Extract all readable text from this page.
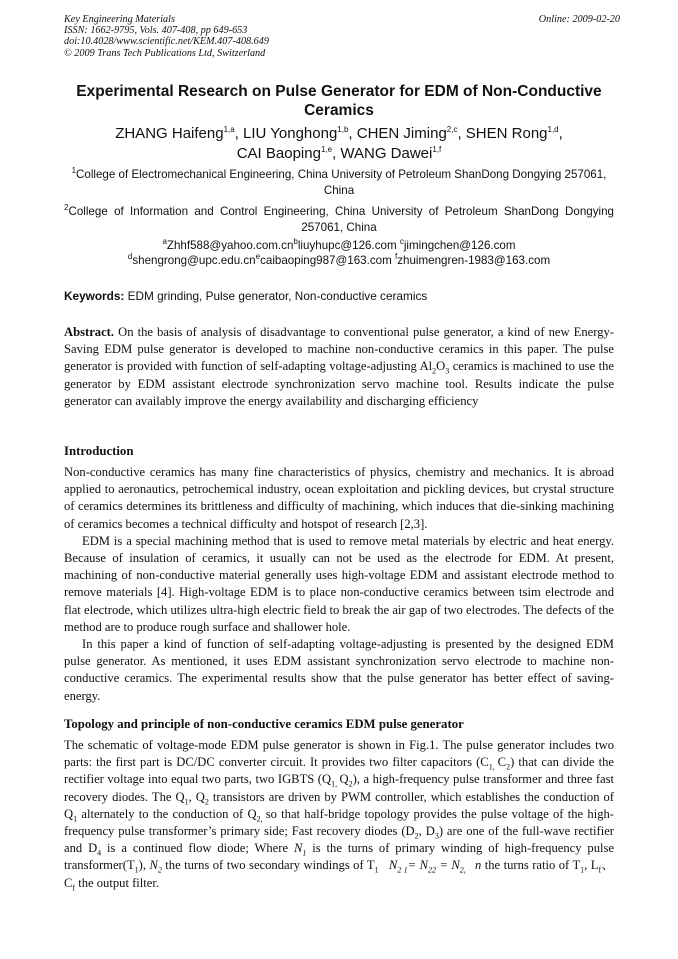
Key Engineering Materials
ISSN: 1662-9795, Vols. 407-408, pp 649-653
doi:10.4028/www.scientific.net/KEM.407-408.649
© 2009 Trans Tech Publications Ltd, Switzerland
Online: 2009-02-20
Experimental Research on Pulse Generator for EDM of Non-Conductive Ceramics
ZHANG Haifeng$^{1,a}$, LIU Yonghong$^{1,b}$, CHEN Jiming$^{2,c}$, SHEN Rong$^{1,d}$,
CAI Baoping$^{1,e}$, WANG Dawei$^{1,f}$
$^1$College of Electromechanical Engineering, China University of Petroleum ShanDong Dongying 257061, China
$^2$College of Information and Control Engineering, China University of Petroleum ShanDong Dongying 257061, China
$^aZhhf588@yahoo.com.cn^bliuyhupc@126.com$ $^c$jimingchen@126.com
$^dshengrong@upc.edu.cn^ecaibaoping987@163.com$ $^f$zhuimengren-1983@163.com
Keywords: EDM grinding, Pulse generator, Non-conductive ceramics
Abstract. On the basis of analysis of disadvantage to conventional pulse generator, a kind of new Energy-Saving EDM pulse generator is developed to machine non-conductive ceramics in this paper. The pulse generator is provided with function of self-adapting voltage-adjusting $Al_2O_3$ ceramics is machined to use the generator by EDM assistant electrode synchronization servo machine tool. Results indicate the pulse generator can availably improve the energy availability and discharging efficiency
Introduction

Non-conductive ceramics has many fine characteristics of physics, chemistry and mechanics. It is abroad applied to aeronautics, petrochemical industry, ocean exploitation and pickling devices, but crystal structure of ceramics determines its brittleness and difficulty of machining, which induces that die-sinking machining of ceramics becomes a technical difficulty and hotspot of research [2,3].

EDM is a special machining method that is used to remove metal materials by electric and heat energy. Because of insulation of ceramics, it usually can not be used as the electrode for EDM. At present, machining of non-conductive material generally uses high-voltage EDM and assistant electrode method to remove materials [4]. High-voltage EDM is to place non-conductive ceramics between tsim electrode and flat electrode, which utilizes ultra-high electric field to break the air gap of two electrodes. The defects of the method are to produce rough surface and shallower hole.

In this paper a kind of function of self-adapting voltage-adjusting is presented by the designed EDM pulse generator. As mentioned, it uses EDM assistant synchronization servo electrode to machine non-conductive ceramics. The experimental results show that the pulse generator has better effect of saving-energy.

Topology and principle of non-conductive ceramics EDM pulse generator

The schematic of voltage-mode EDM pulse generator is shown in Fig.1. The pulse generator includes two parts: the first part is DC/DC converter circuit. It provides two filter capacitors ($C_{1,}$ $C_2$) that can divide the rectifier voltage into equal two parts, two IGBTS ($Q_{1,}$ $Q_2$), a high-frequency pulse transformer and three fast recovery diodes. The $Q_1$, $Q_2$ transistors are driven by PWM controller, which establishes the conduction of $Q_1$ alternately to the conduction of $Q_{2,}$ so that half-bridge topology provides the pulse voltage of the high-frequency pulse transformer’s primary side; Fast recovery diodes ($D_2$, $D_3$) are one of the full-wave rectifier and $D_4$ is a continued flow diode; Where $N_1$ is the turns of primary winding of high-frequency pulse $transformer(T_1)$, $N_2$ the turns of two secondary windings of $T_1$ $N_{2 1}= N_{22} = N_{2,}$   n the turns ratio of $T_1$, $L_f$、$C_f$ the output filter.
